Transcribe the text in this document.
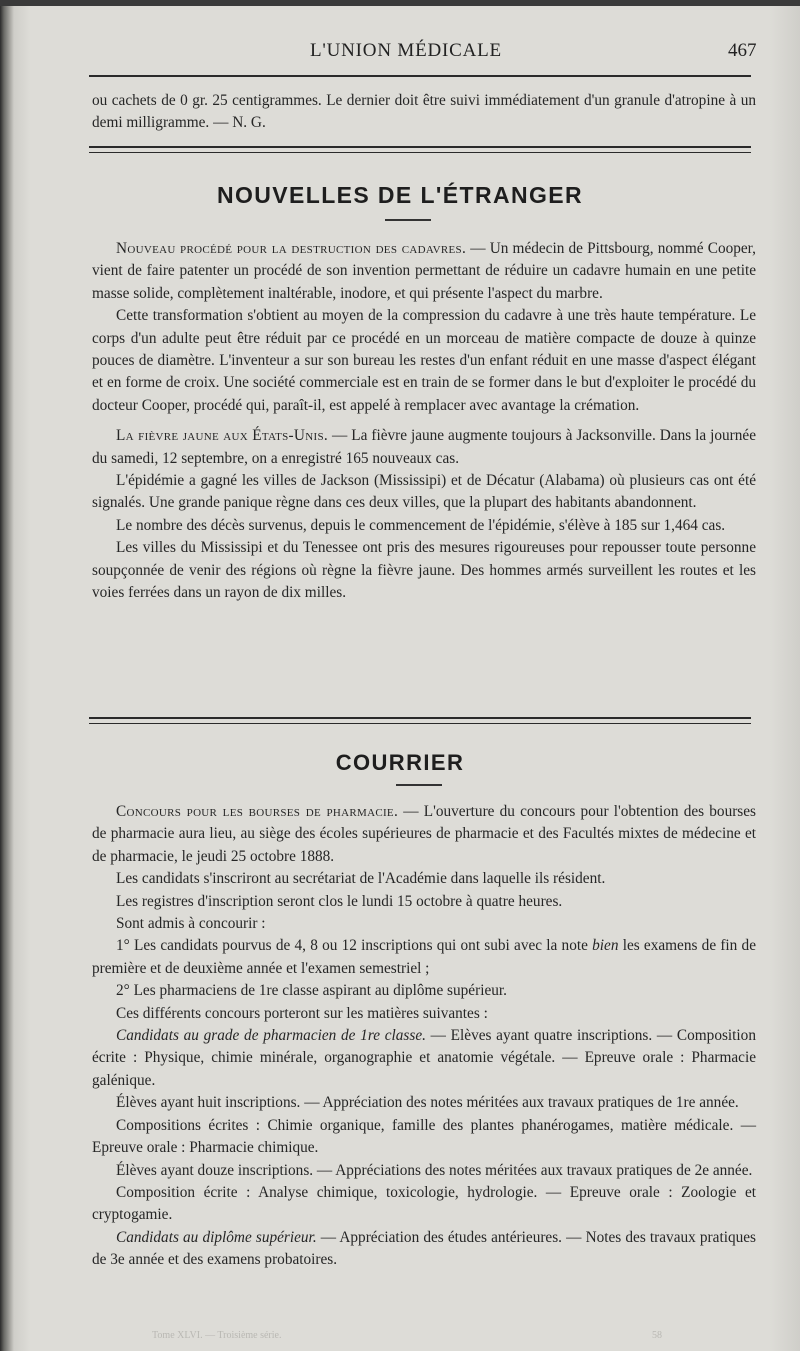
L'UNION MÉDICALE	467

ou cachets de 0 gr. 25 centigrammes. Le dernier doit être suivi immédiatement d'un granule d'atropine à un demi milligramme. — N. G.

NOUVELLES DE L'ÉTRANGER

Nouveau procédé pour la destruction des cadavres. — Un médecin de Pittsbourg, nommé Cooper, vient de faire patenter un procédé de son invention permettant de réduire un cadavre humain en une petite masse solide, complètement inaltérable, inodore, et qui présente l'aspect du marbre.

Cette transformation s'obtient au moyen de la compression du cadavre à une très haute température. Le corps d'un adulte peut être réduit par ce procédé en un morceau de matière compacte de douze à quinze pouces de diamètre. L'inventeur a sur son bureau les restes d'un enfant réduit en une masse d'aspect élégant et en forme de croix. Une société commerciale est en train de se former dans le but d'exploiter le procédé du docteur Cooper, procédé qui, paraît-il, est appelé à remplacer avec avantage la crémation.

La fièvre jaune aux États-Unis. — La fièvre jaune augmente toujours à Jacksonville. Dans la journée du samedi, 12 septembre, on a enregistré 165 nouveaux cas.

L'épidémie a gagné les villes de Jackson (Mississipi) et de Décatur (Alabama) où plusieurs cas ont été signalés. Une grande panique règne dans ces deux villes, que la plupart des habitants abandonnent.

Le nombre des décès survenus, depuis le commencement de l'épidémie, s'élève à 185 sur 1,464 cas.

Les villes du Mississipi et du Tenessee ont pris des mesures rigoureuses pour repousser toute personne soupçonnée de venir des régions où règne la fièvre jaune. Des hommes armés surveillent les routes et les voies ferrées dans un rayon de dix milles.

COURRIER

Concours pour les bourses de pharmacie. — L'ouverture du concours pour l'obtention des bourses de pharmacie aura lieu, au siège des écoles supérieures de pharmacie et des Facultés mixtes de médecine et de pharmacie, le jeudi 25 octobre 1888.

Les candidats s'inscriront au secrétariat de l'Académie dans laquelle ils résident.

Les registres d'inscription seront clos le lundi 15 octobre à quatre heures.

Sont admis à concourir :

1° Les candidats pourvus de 4, 8 ou 12 inscriptions qui ont subi avec la note bien les examens de fin de première et de deuxième année et l'examen semestriel ;

2° Les pharmaciens de 1re classe aspirant au diplôme supérieur.

Ces différents concours porteront sur les matières suivantes :

Candidats au grade de pharmacien de 1re classe. — Elèves ayant quatre inscriptions. — Composition écrite : Physique, chimie minérale, organographie et anatomie végétale. — Epreuve orale : Pharmacie galénique.

Élèves ayant huit inscriptions. — Appréciation des notes méritées aux travaux pratiques de 1re année.

Compositions écrites : Chimie organique, famille des plantes phanérogames, matière médicale. — Epreuve orale : Pharmacie chimique.

Élèves ayant douze inscriptions. — Appréciations des notes méritées aux travaux pratiques de 2e année.

Composition écrite : Analyse chimique, toxicologie, hydrologie. — Epreuve orale : Zoologie et cryptogamie.

Candidats au diplôme supérieur. — Appréciation des études antérieures. — Notes des travaux pratiques de 3e année et des examens probatoires.

Tome XLVI. — Troisième série.	58
